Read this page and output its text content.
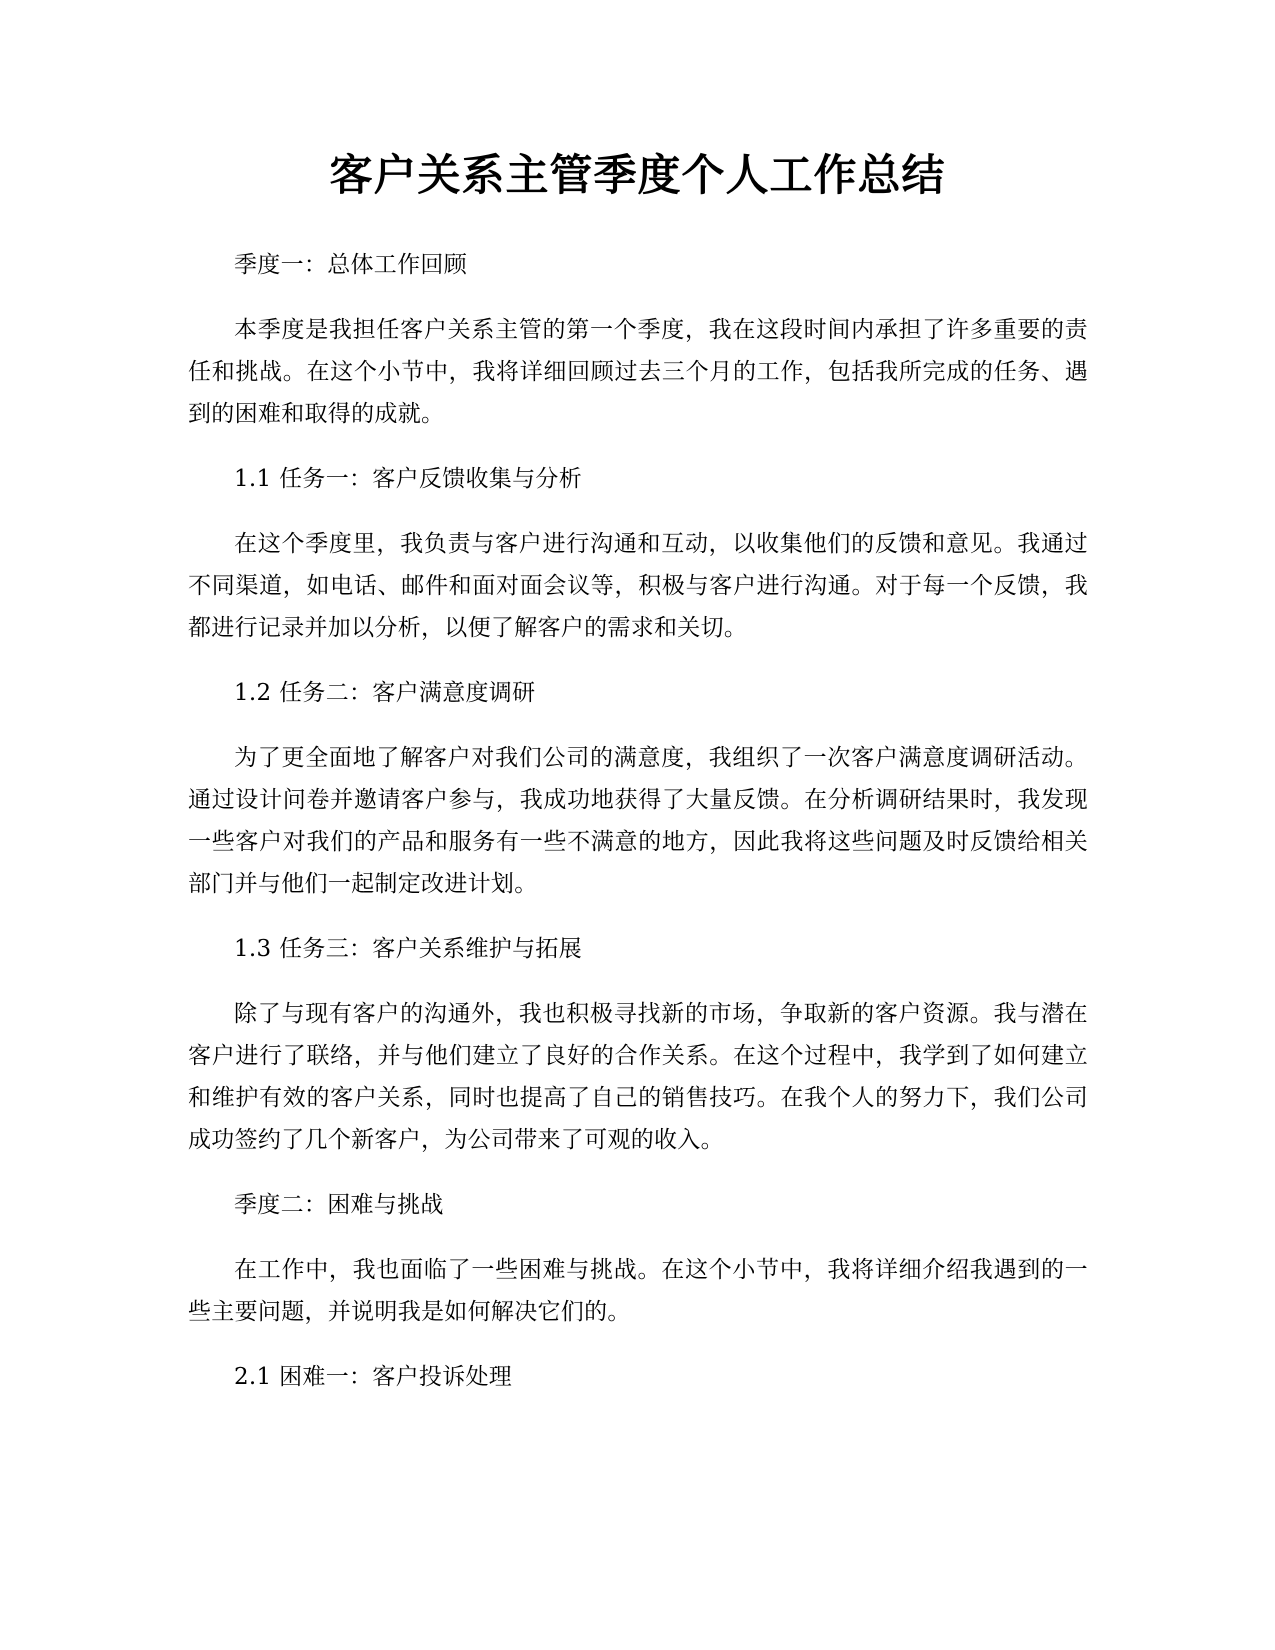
客户关系主管季度个人工作总结

季度一：总体工作回顾

本季度是我担任客户关系主管的第一个季度，我在这段时间内承担了许多重要的责任和挑战。在这个小节中，我将详细回顾过去三个月的工作，包括我所完成的任务、遇到的困难和取得的成就。

1.1 任务一：客户反馈收集与分析

在这个季度里，我负责与客户进行沟通和互动，以收集他们的反馈和意见。我通过不同渠道，如电话、邮件和面对面会议等，积极与客户进行沟通。对于每一个反馈，我都进行记录并加以分析，以便了解客户的需求和关切。

1.2 任务二：客户满意度调研

为了更全面地了解客户对我们公司的满意度，我组织了一次客户满意度调研活动。通过设计问卷并邀请客户参与，我成功地获得了大量反馈。在分析调研结果时，我发现一些客户对我们的产品和服务有一些不满意的地方，因此我将这些问题及时反馈给相关部门并与他们一起制定改进计划。

1.3 任务三：客户关系维护与拓展

除了与现有客户的沟通外，我也积极寻找新的市场，争取新的客户资源。我与潜在客户进行了联络，并与他们建立了良好的合作关系。在这个过程中，我学到了如何建立和维护有效的客户关系，同时也提高了自己的销售技巧。在我个人的努力下，我们公司成功签约了几个新客户，为公司带来了可观的收入。

季度二：困难与挑战

在工作中，我也面临了一些困难与挑战。在这个小节中，我将详细介绍我遇到的一些主要问题，并说明我是如何解决它们的。

2.1 困难一：客户投诉处理
